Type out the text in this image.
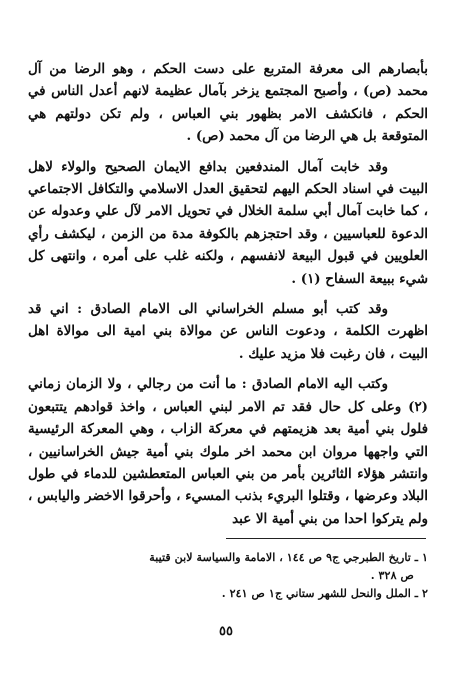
بأبصارهم الى معرفة المتربع على دست الحكم ، وهو الرضا من آل محمد (ص) ، وأصبح المجتمع يزخر بآمال عظيمة لانهم أعدل الناس في الحكم ، فانكشف الامر بظهور بني العباس ، ولم تكن دولتهم هي المتوقعة بل هي الرضا من آل محمد (ص) .

وقد خابت آمال المندفعين بدافع الايمان الصحيح والولاء لاهل البيت في اسناد الحكم اليهم لتحقيق العدل الاسلامي والتكافل الاجتماعي ، كما خابت آمال أبي سلمة الخلال في تحويل الامر لآل علي وعدوله عن الدعوة للعباسيين ، وقد احتجزهم بالكوفة مدة من الزمن ، ليكشف رأي العلويين في قبول البيعة لانفسهم ، ولكنه غلب على أمره ، وانتهى كل شيء ببيعة السفاح (١) .

وقد كتب أبو مسلم الخراساني الى الامام الصادق : اني قد اظهرت الكلمة ، ودعوت الناس عن موالاة بني امية الى موالاة اهل البيت ، فان رغبت فلا مزيد عليك .

وكتب اليه الامام الصادق : ما أنت من رجالي ، ولا الزمان زماني (٢) وعلى كل حال فقد تم الامر لبني العباس ، واخذ قوادهم يتتبعون فلول بني أمية بعد هزيمتهم في معركة الزاب ، وهي المعركة الرئيسية التي واجهها مروان ابن محمد اخر ملوك بني أمية جيش الخراسانيين ، وانتشر هؤلاء الثائرين بأمر من بني العباس المتعطشين للدماء في طول البلاد وعرضها ، وقتلوا البريء بذنب المسيء ، وأحرقوا الاخضر واليابس ، ولم يتركوا احدا من بني أمية الا عبد

١ ـ تاريخ الطبرجي ج٩ ص ١٤٤ ، الامامة والسياسة لابن قتيبة

ص ٣٢٨ .

٢ ـ الملل والنحل للشهر ستاني ج١ ص ٢٤١ .

٥٥
